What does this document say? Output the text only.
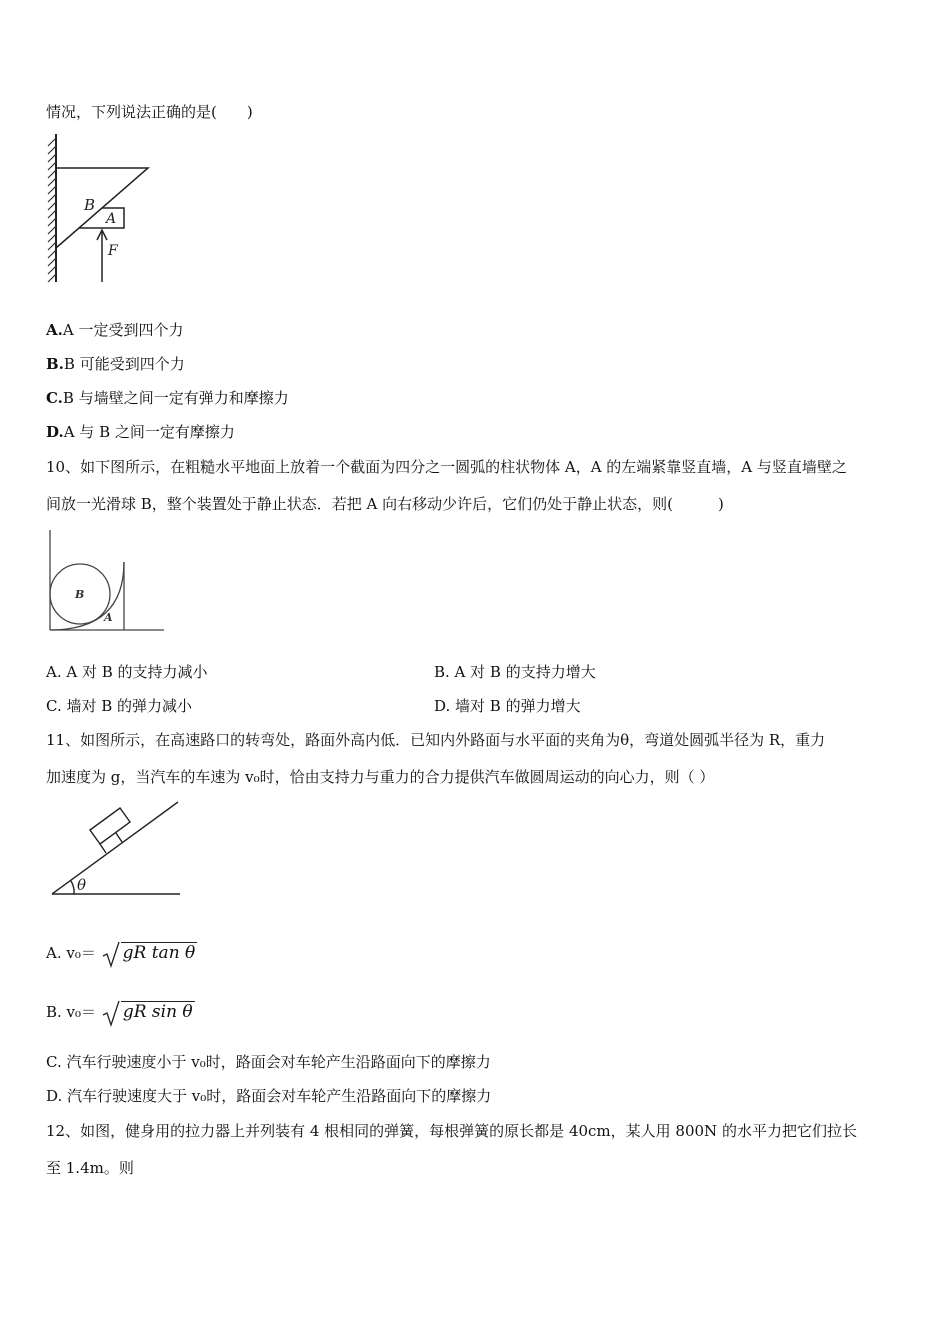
情况，下列说法正确的是(　　)
B
A
F
A.A 一定受到四个力
B.B 可能受到四个力
C.B 与墙壁之间一定有弹力和摩擦力
D.A 与 B 之间一定有摩擦力
10、如下图所示，在粗糙水平地面上放着一个截面为四分之一圆弧的柱状物体 A，A 的左端紧靠竖直墙，A 与竖直墙壁之
间放一光滑球 B，整个装置处于静止状态．若把 A 向右移动少许后，它们仍处于静止状态，则(　　　)
B
A
A. A 对 B 的支持力减小	B. A 对 B 的支持力增大
C. 墙对 B 的弹力减小	D. 墙对 B 的弹力增大
11、如图所示，在高速路口的转弯处，路面外高内低．已知内外路面与水平面的夹角为θ，弯道处圆弧半径为 R，重力
加速度为 g，当汽车的车速为 v₀时，恰由支持力与重力的合力提供汽车做圆周运动的向心力，则（ ）
θ
A. v₀＝ gR tan θ
B. v₀＝ gR sin θ
C. 汽车行驶速度小于 v₀时，路面会对车轮产生沿路面向下的摩擦力
D. 汽车行驶速度大于 v₀时，路面会对车轮产生沿路面向下的摩擦力
12、如图，健身用的拉力器上并列装有 4 根相同的弹簧，每根弹簧的原长都是 40cm，某人用 800N 的水平力把它们拉长
至 1.4m。则
